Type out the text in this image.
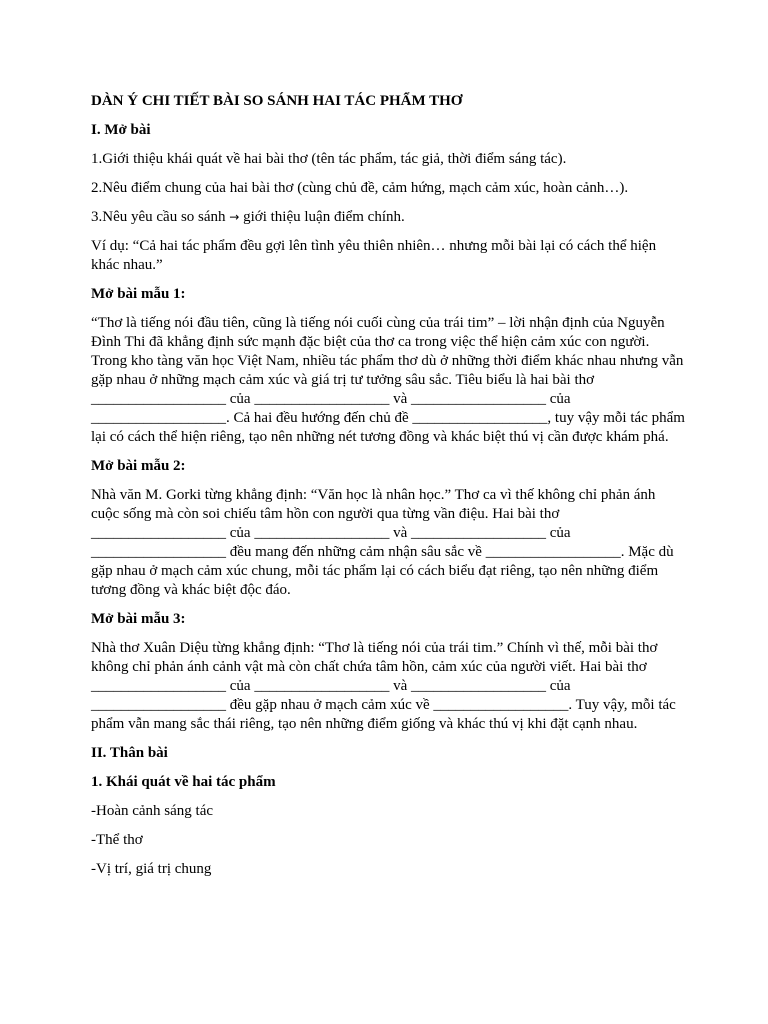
DÀN Ý CHI TIẾT BÀI SO SÁNH HAI TÁC PHẨM THƠ

I. Mở bài

1.Giới thiệu khái quát về hai bài thơ (tên tác phẩm, tác giả, thời điểm sáng tác).

2.Nêu điểm chung của hai bài thơ (cùng chủ đề, cảm hứng, mạch cảm xúc, hoàn cảnh…).

3.Nêu yêu cầu so sánh → giới thiệu luận điểm chính.

Ví dụ: “Cả hai tác phẩm đều gợi lên tình yêu thiên nhiên… nhưng mỗi bài lại có cách thể hiện khác nhau.”

Mở bài mẫu 1:

“Thơ là tiếng nói đầu tiên, cũng là tiếng nói cuối cùng của trái tim” – lời nhận định của Nguyễn Đình Thi đã khẳng định sức mạnh đặc biệt của thơ ca trong việc thể hiện cảm xúc con người. Trong kho tàng văn học Việt Nam, nhiều tác phẩm thơ dù ở những thời điểm khác nhau nhưng vẫn gặp nhau ở những mạch cảm xúc và giá trị tư tưởng sâu sắc. Tiêu biểu là hai bài thơ __________________ của __________________ và __________________ của __________________. Cả hai đều hướng đến chủ đề __________________, tuy vậy mỗi tác phẩm lại có cách thể hiện riêng, tạo nên những nét tương đồng và khác biệt thú vị cần được khám phá.

Mở bài mẫu 2:

Nhà văn M. Gorki từng khẳng định: “Văn học là nhân học.” Thơ ca vì thế không chỉ phản ánh cuộc sống mà còn soi chiếu tâm hồn con người qua từng vần điệu. Hai bài thơ __________________ của __________________ và __________________ của __________________ đều mang đến những cảm nhận sâu sắc về __________________. Mặc dù gặp nhau ở mạch cảm xúc chung, mỗi tác phẩm lại có cách biểu đạt riêng, tạo nên những điểm tương đồng và khác biệt độc đáo.

Mở bài mẫu 3:

Nhà thơ Xuân Diệu từng khẳng định: “Thơ là tiếng nói của trái tim.” Chính vì thế, mỗi bài thơ không chỉ phản ánh cảnh vật mà còn chất chứa tâm hồn, cảm xúc của người viết. Hai bài thơ __________________ của __________________ và __________________ của __________________ đều gặp nhau ở mạch cảm xúc về __________________. Tuy vậy, mỗi tác phẩm vẫn mang sắc thái riêng, tạo nên những điểm giống và khác thú vị khi đặt cạnh nhau.

II. Thân bài

1. Khái quát về hai tác phẩm

-Hoàn cảnh sáng tác

-Thể thơ

-Vị trí, giá trị chung
